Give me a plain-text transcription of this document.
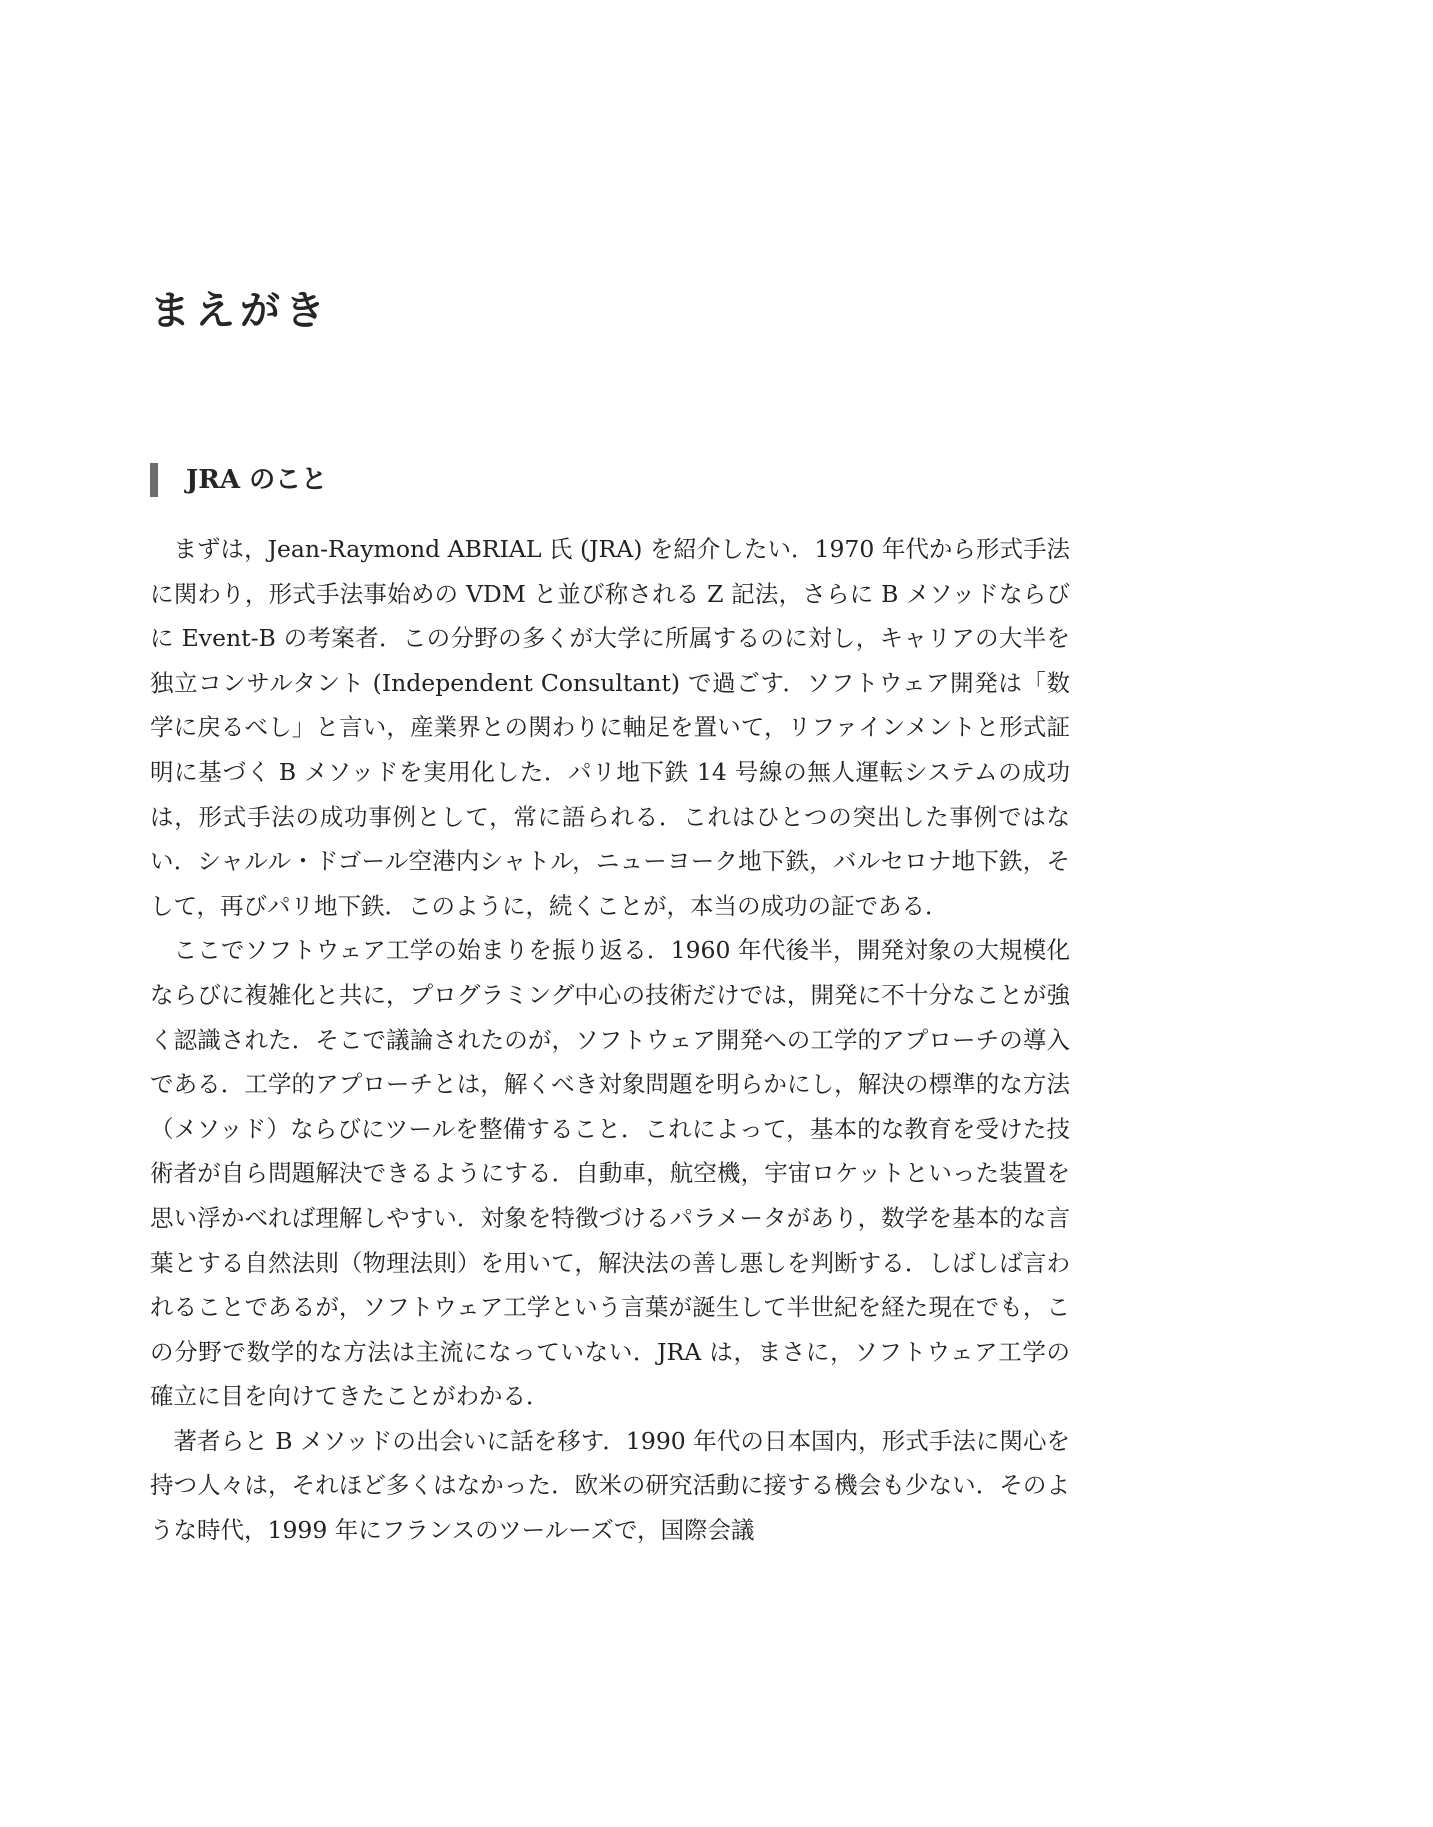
まえがき
JRA のこと

まずは，Jean-Raymond ABRIAL 氏 (JRA) を紹介したい．1970 年代から形式手法に関わり，形式手法事始めの VDM と並び称される Z 記法，さらに B メソッドならびに Event-B の考案者．この分野の多くが大学に所属するのに対し，キャリアの大半を独立コンサルタント (Independent Consultant) で過ごす．ソフトウェア開発は「数学に戻るべし」と言い，産業界との関わりに軸足を置いて，リファインメントと形式証明に基づく B メソッドを実用化した．パリ地下鉄 14 号線の無人運転システムの成功は，形式手法の成功事例として，常に語られる．これはひとつの突出した事例ではない．シャルル・ドゴール空港内シャトル，ニューヨーク地下鉄，バルセロナ地下鉄，そして，再びパリ地下鉄．このように，続くことが，本当の成功の証である．

ここでソフトウェア工学の始まりを振り返る．1960 年代後半，開発対象の大規模化ならびに複雑化と共に，プログラミング中心の技術だけでは，開発に不十分なことが強く認識された．そこで議論されたのが，ソフトウェア開発への工学的アプローチの導入である．工学的アプローチとは，解くべき対象問題を明らかにし，解決の標準的な方法（メソッド）ならびにツールを整備すること．これによって，基本的な教育を受けた技術者が自ら問題解決できるようにする．自動車，航空機，宇宙ロケットといった装置を思い浮かべれば理解しやすい．対象を特徴づけるパラメータがあり，数学を基本的な言葉とする自然法則（物理法則）を用いて，解決法の善し悪しを判断する．しばしば言われることであるが，ソフトウェア工学という言葉が誕生して半世紀を経た現在でも，この分野で数学的な方法は主流になっていない．JRA は，まさに，ソフトウェア工学の確立に目を向けてきたことがわかる．

著者らと B メソッドの出会いに話を移す．1990 年代の日本国内，形式手法に関心を持つ人々は，それほど多くはなかった．欧米の研究活動に接する機会も少ない．そのような時代，1999 年にフランスのツールーズで，国際会議
